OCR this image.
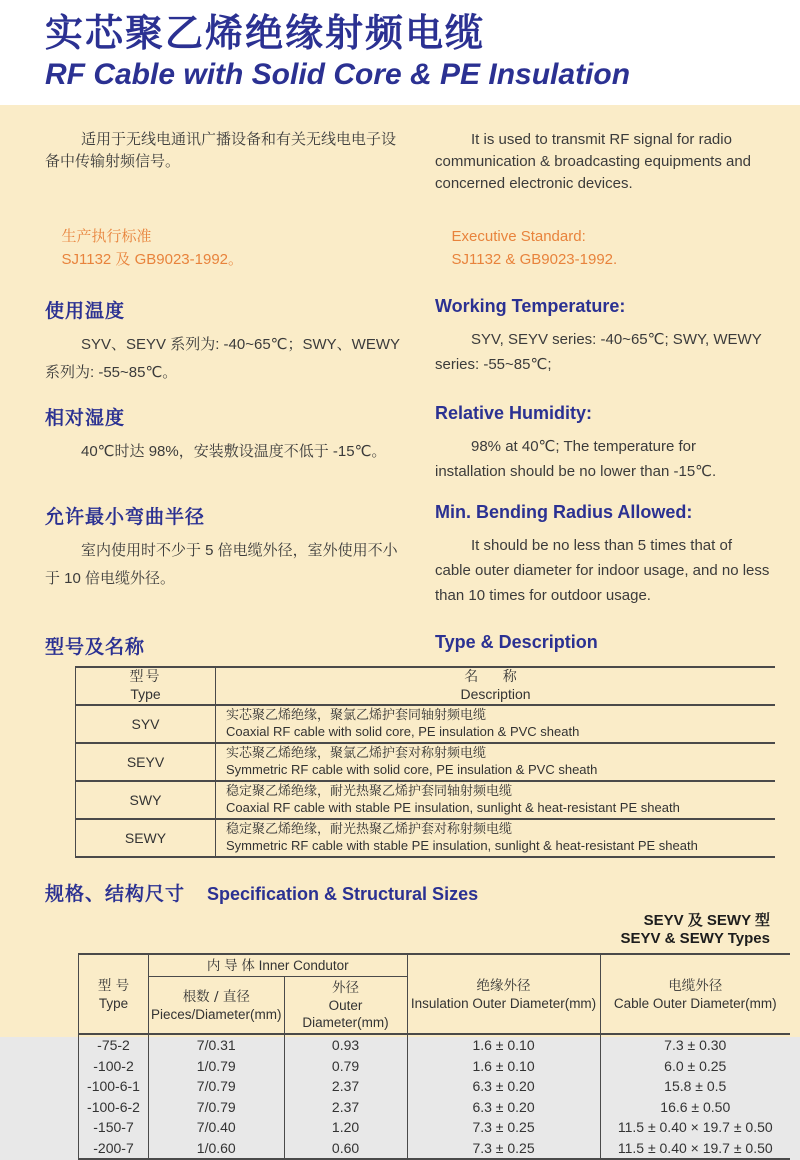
实芯聚乙烯绝缘射频电缆
RF Cable with Solid Core & PE Insulation

适用于无线电通讯广播设备和有关无线电电子设备中传输射频信号。

It is used to transmit RF signal for radio communication & broadcasting equipments and concerned electronic devices.

生产执行标准
SJ1132 及 GB9023-1992。
Executive Standard:
SJ1132 & GB9023-1992.
使用温度

SYV、SEYV 系列为: -40~65℃；SWY、WEWY 系列为: -55~85℃。

Working Temperature:

SYV, SEYV series: -40~65℃; SWY, WEWY series: -55~85℃;

相对湿度

40℃时达 98%，安装敷设温度不低于 -15℃。

Relative Humidity:

98% at 40℃; The temperature for installation should be no lower than -15℃.

允许最小弯曲半径

室内使用时不少于 5 倍电缆外径，室外使用不小于 10 倍电缆外径。

Min. Bending Radius Allowed:

It should be no less than 5 times that of cable outer diameter for indoor usage, and no less than 10 times for outdoor usage.

型号及名称	Type & Description
型号
Type	名 称
Description

SYV	实芯聚乙烯绝缘，聚氯乙烯护套同轴射频电缆
Coaxial RF cable with solid core, PE insulation & PVC sheath

SEYV	实芯聚乙烯绝缘，聚氯乙烯护套对称射频电缆
Symmetric RF cable with solid core, PE insulation & PVC sheath

SWY	稳定聚乙烯绝缘，耐光热聚乙烯护套同轴射频电缆
Coaxial RF cable with stable PE insulation, sunlight & heat-resistant PE sheath

SEWY	稳定聚乙烯绝缘，耐光热聚乙烯护套对称射频电缆
Symmetric RF cable with stable PE insulation, sunlight & heat-resistant PE sheath
规格、结构尺寸 Specification & Structural Sizes
SEYV 及 SEWY 型
SEYV & SEWY Types
型 号
Type	内 导 体 Inner Condutor		绝缘外径
Insulation Outer Diameter(mm)	电缆外径
Cable Outer Diameter(mm)
	根数 / 直径
Pieces/Diameter(mm)	外径
Outer Diameter(mm)		
-75-2	7/0.31	0.93	1.6 ± 0.10	7.3 ± 0.30
-100-2	1/0.79	0.79	1.6 ± 0.10	6.0 ± 0.25
-100-6-1	7/0.79	2.37	6.3 ± 0.20	15.8 ± 0.5
-100-6-2	7/0.79	2.37	6.3 ± 0.20	16.6 ± 0.50
-150-7	7/0.40	1.20	7.3 ± 0.25	11.5 ± 0.40 × 19.7 ± 0.50
-200-7	1/0.60	0.60	7.3 ± 0.25	11.5 ± 0.40 × 19.7 ± 0.50
